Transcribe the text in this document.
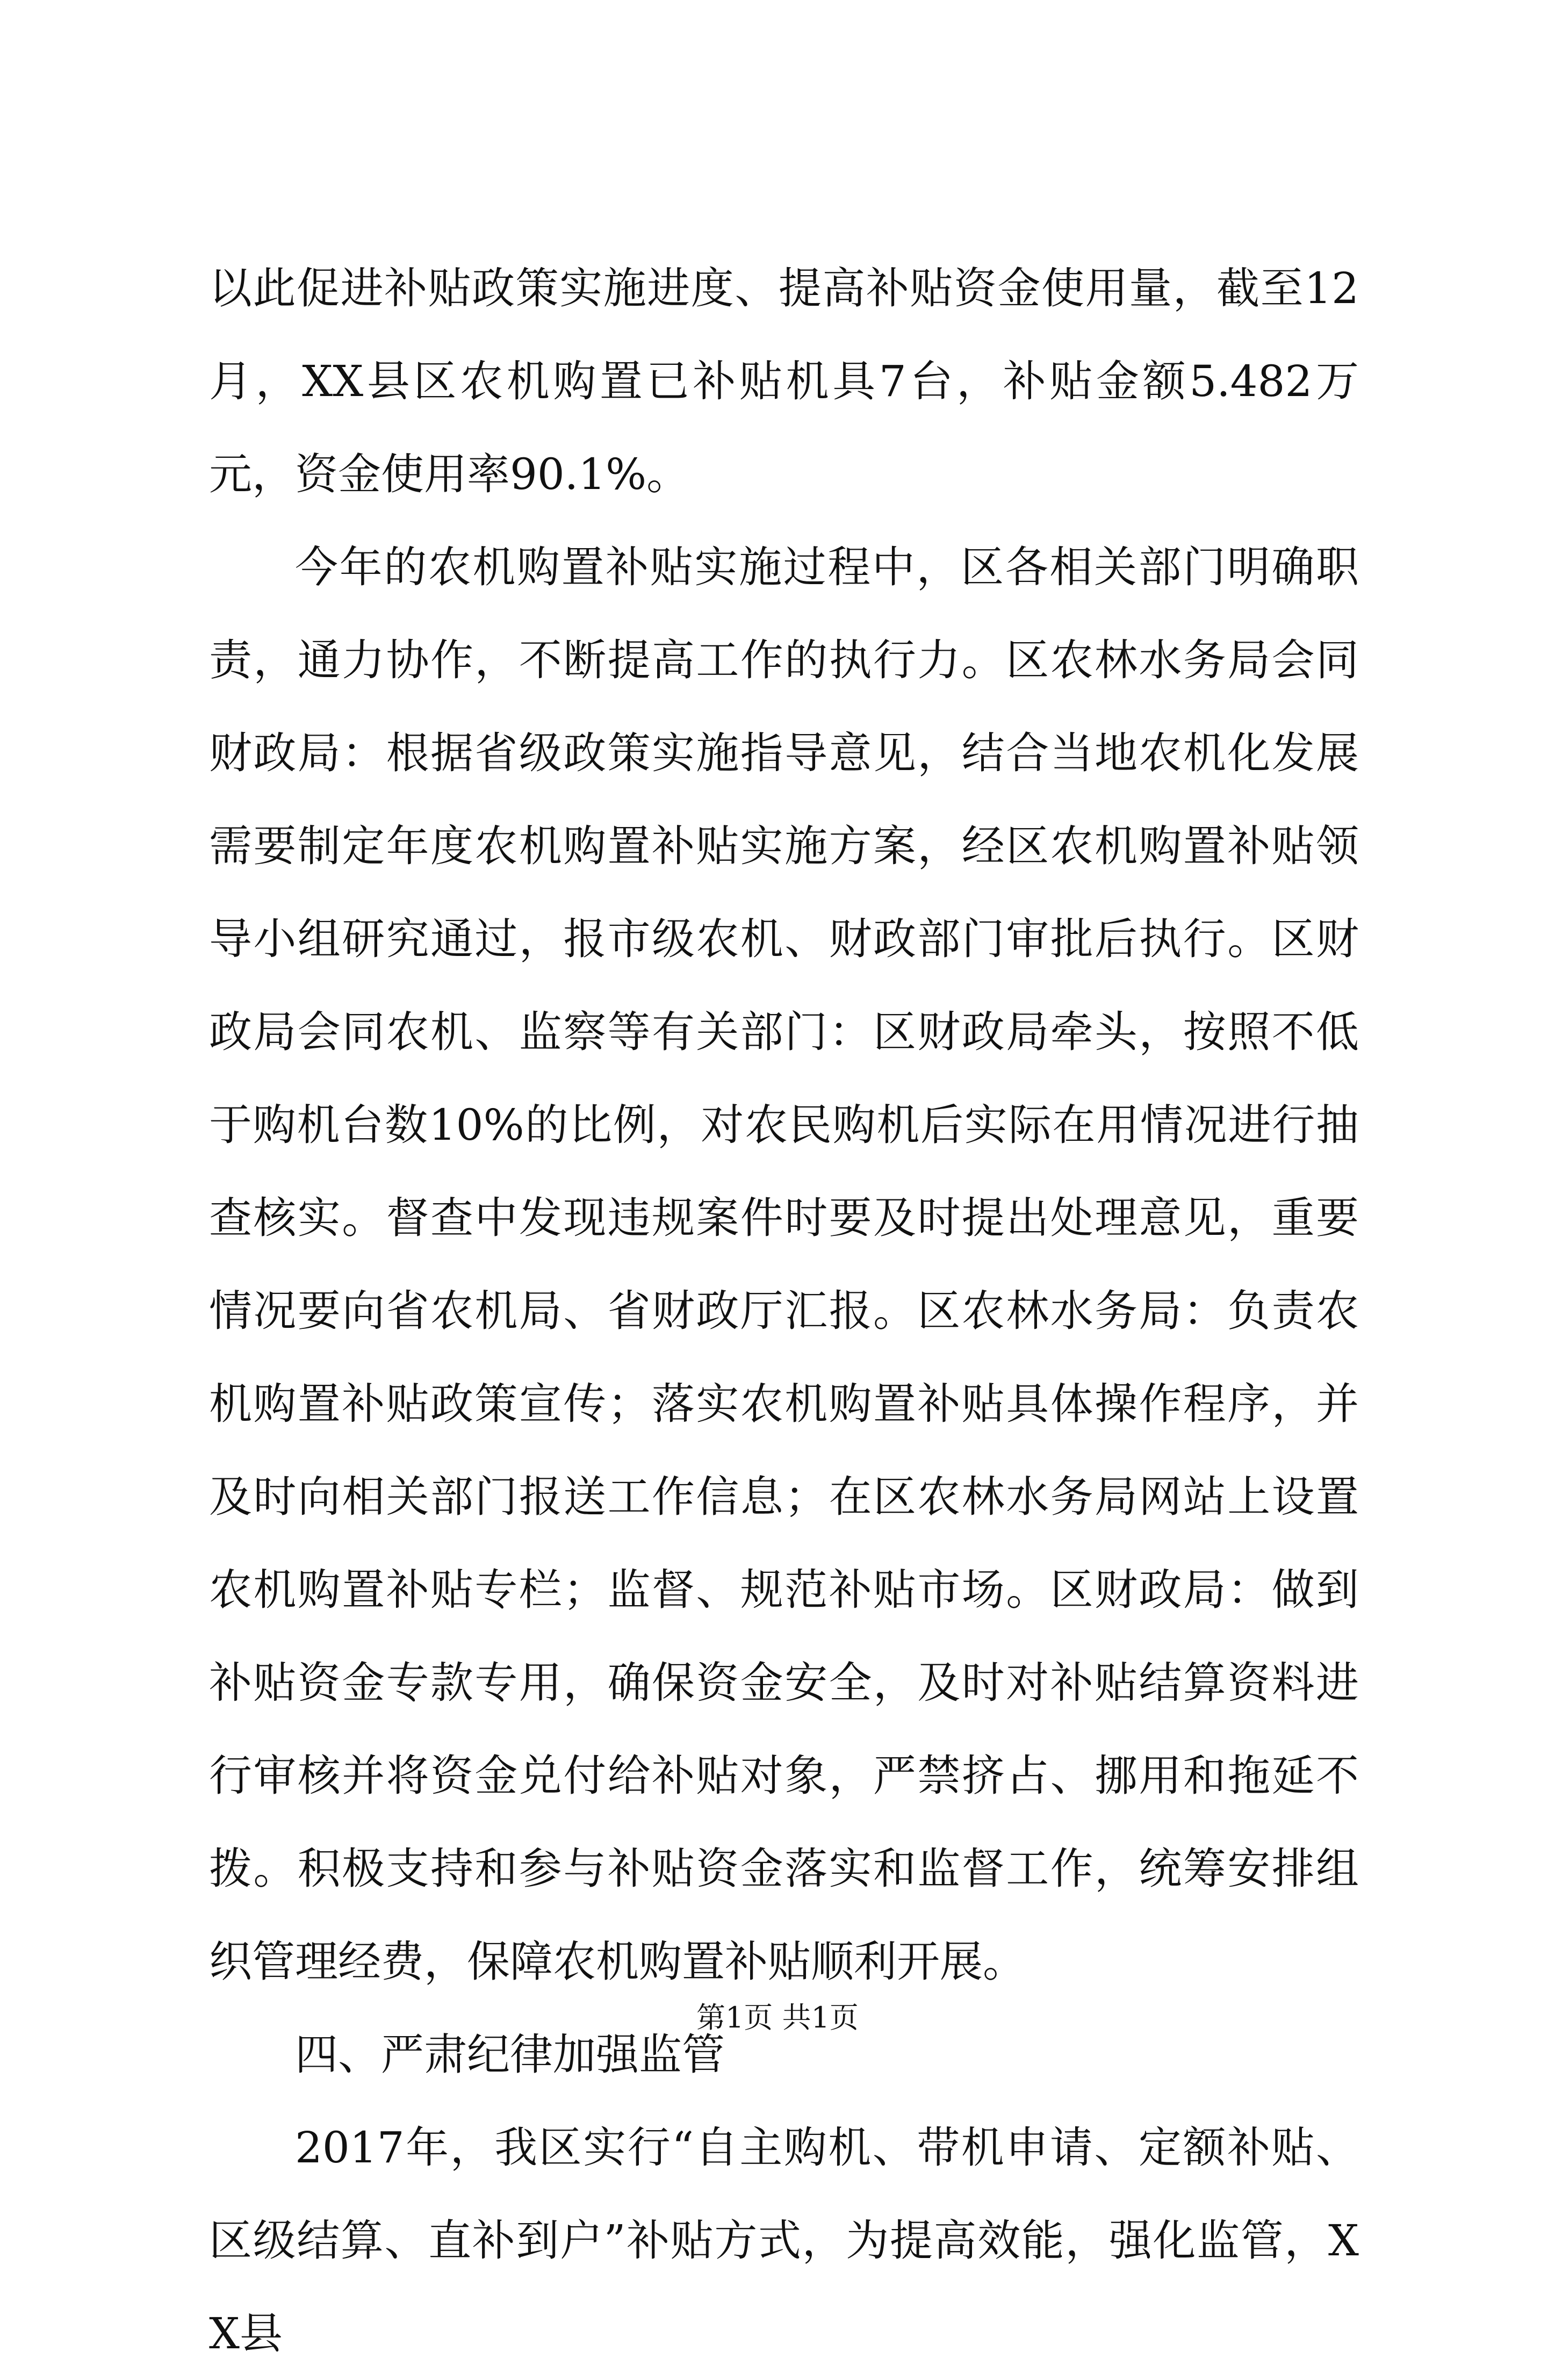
以此促进补贴政策实施进度、提高补贴资金使用量，截至12月，XX县区农机购置已补贴机具7台，补贴金额5.482万元，资金使用率90.1%。

今年的农机购置补贴实施过程中，区各相关部门明确职责，通力协作，不断提高工作的执行力。区农林水务局会同财政局：根据省级政策实施指导意见，结合当地农机化发展需要制定年度农机购置补贴实施方案，经区农机购置补贴领导小组研究通过，报市级农机、财政部门审批后执行。区财政局会同农机、监察等有关部门：区财政局牵头，按照不低于购机台数10%的比例，对农民购机后实际在用情况进行抽查核实。督查中发现违规案件时要及时提出处理意见，重要情况要向省农机局、省财政厅汇报。区农林水务局：负责农机购置补贴政策宣传；落实农机购置补贴具体操作程序，并及时向相关部门报送工作信息；在区农林水务局网站上设置农机购置补贴专栏；监督、规范补贴市场。区财政局：做到补贴资金专款专用，确保资金安全，及时对补贴结算资料进行审核并将资金兑付给补贴对象，严禁挤占、挪用和拖延不拨。积极支持和参与补贴资金落实和监督工作，统筹安排组织管理经费，保障农机购置补贴顺利开展。

四、严肃纪律加强监管

2017年，我区实行“自主购机、带机申请、定额补贴、区级结算、直补到户”补贴方式，为提高效能，强化监管，XX县

第1页 共1页
